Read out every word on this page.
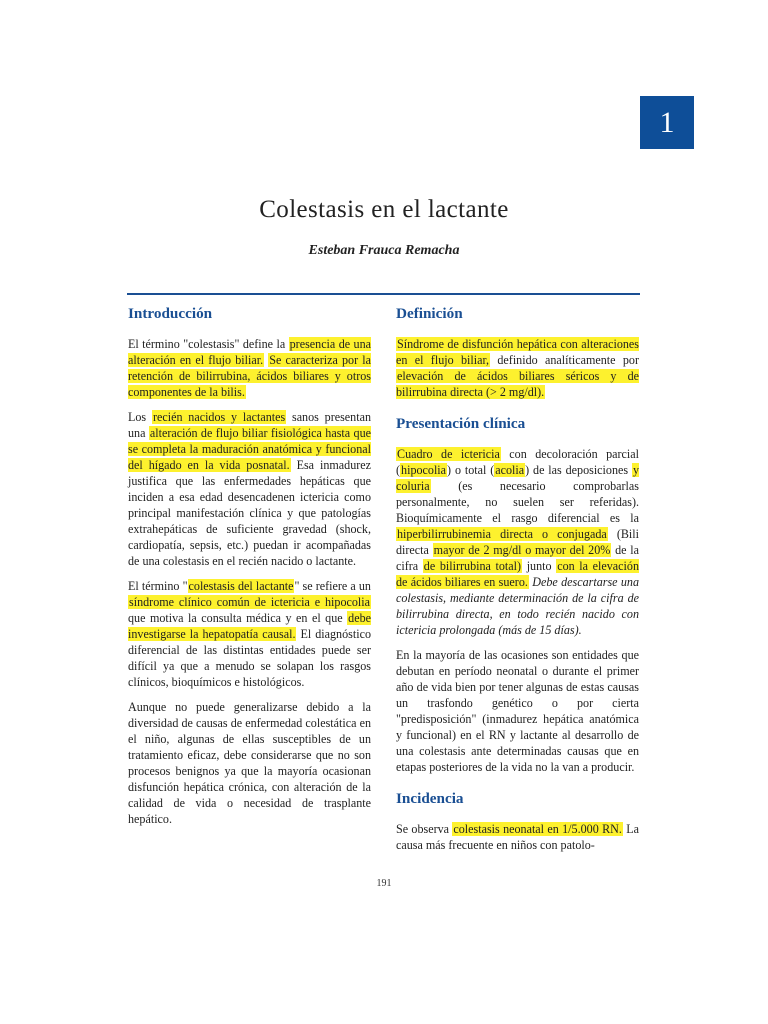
1
Colestasis en el lactante
Esteban Frauca Remacha
Introducción

El término "colestasis" define la presencia de una alteración en el flujo biliar. Se caracteriza por la retención de bilirrubina, ácidos biliares y otros componentes de la bilis.

Los recién nacidos y lactantes sanos presentan una alteración de flujo biliar fisiológica hasta que se completa la maduración anatómica y funcional del hígado en la vida posnatal. Esa inmadurez justifica que las enfermedades hepáticas que inciden a esa edad desencadenen ictericia como principal manifestación clínica y que patologías extrahepáticas de suficiente gravedad (shock, cardiopatía, sepsis, etc.) puedan ir acompañadas de una colestasis en el recién nacido o lactante.

El término "colestasis del lactante" se refiere a un síndrome clínico común de ictericia e hipocolia que motiva la consulta médica y en el que debe investigarse la hepatopatía causal. El diagnóstico diferencial de las distintas entidades puede ser difícil ya que a menudo se solapan los rasgos clínicos, bioquímicos e histológicos.

Aunque no puede generalizarse debido a la diversidad de causas de enfermedad colestática en el niño, algunas de ellas susceptibles de un tratamiento eficaz, debe considerarse que no son procesos benignos ya que la mayoría ocasionan disfunción hepática crónica, con alteración de la calidad de vida o necesidad de trasplante hepático.

Definición

Síndrome de disfunción hepática con alteraciones en el flujo biliar, definido analíticamente por elevación de ácidos biliares séricos y de bilirrubina directa (> 2 mg/dl).

Presentación clínica

Cuadro de ictericia con decoloración parcial (hipocolia) o total (acolia) de las deposiciones y coluria (es necesario comprobarlas personalmente, no suelen ser referidas). Bioquímicamente el rasgo diferencial es la hiperbilirrubinemia directa o conjugada (Bili directa mayor de 2 mg/dl o mayor del 20% de la cifra de bilirrubina total) junto con la elevación de ácidos biliares en suero. Debe descartarse una colestasis, mediante determinación de la cifra de bilirrubina directa, en todo recién nacido con ictericia prolongada (más de 15 días).

En la mayoría de las ocasiones son entidades que debutan en período neonatal o durante el primer año de vida bien por tener algunas de estas causas un trasfondo genético o por cierta "predisposición" (inmadurez hepática anatómica y funcional) en el RN y lactante al desarrollo de una colestasis ante determinadas causas que en etapas posteriores de la vida no la van a producir.

Incidencia

Se observa colestasis neonatal en 1/5.000 RN. La causa más frecuente en niños con patolo-

191
